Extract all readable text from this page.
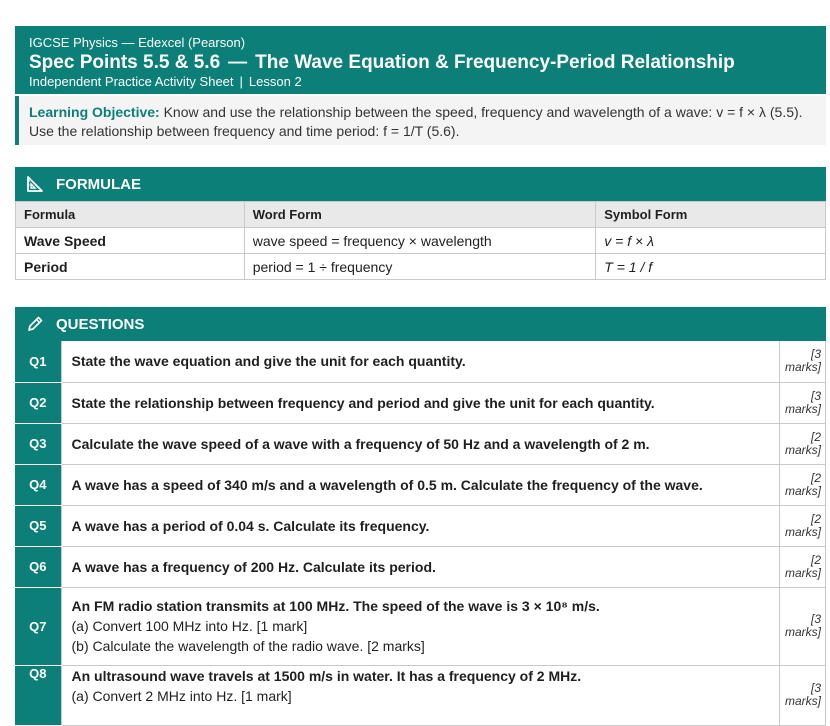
IGCSE Physics — Edexcel (Pearson)
Spec Points 5.5 & 5.6 — The Wave Equation & Frequency-Period Relationship
Independent Practice Activity Sheet | Lesson 2
Learning Objective: Know and use the relationship between the speed, frequency and wavelength of a wave: v = f × λ (5.5). Use the relationship between frequency and time period: f = 1/T (5.6).
FORMULAE
Formula	Word Form	Symbol Form
Wave Speed	wave speed = frequency × wavelength	v = f × λ
Period	period = 1 ÷ frequency	T = 1 / f
QUESTIONS
Q1	State the wave equation and give the unit for each quantity.	[3 marks]
Q2	State the relationship between frequency and period and give the unit for each quantity.	[3 marks]
Q3	Calculate the wave speed of a wave with a frequency of 50 Hz and a wavelength of 2 m.	[2 marks]
Q4	A wave has a speed of 340 m/s and a wavelength of 0.5 m. Calculate the frequency of the wave.	[2 marks]
Q5	A wave has a period of 0.04 s. Calculate its frequency.	[2 marks]
Q6	A wave has a frequency of 200 Hz. Calculate its period.	[2 marks]
Q7	An FM radio station transmits at 100 MHz. The speed of the wave is 3 × 10⁸ m/s.
(a) Convert 100 MHz into Hz. [1 mark]
(b) Calculate the wavelength of the radio wave. [2 marks]	[3 marks]
Q8	An ultrasound wave travels at 1500 m/s in water. It has a frequency of 2 MHz.
(a) Convert 2 MHz into Hz. [1 mark]	[3 marks]
